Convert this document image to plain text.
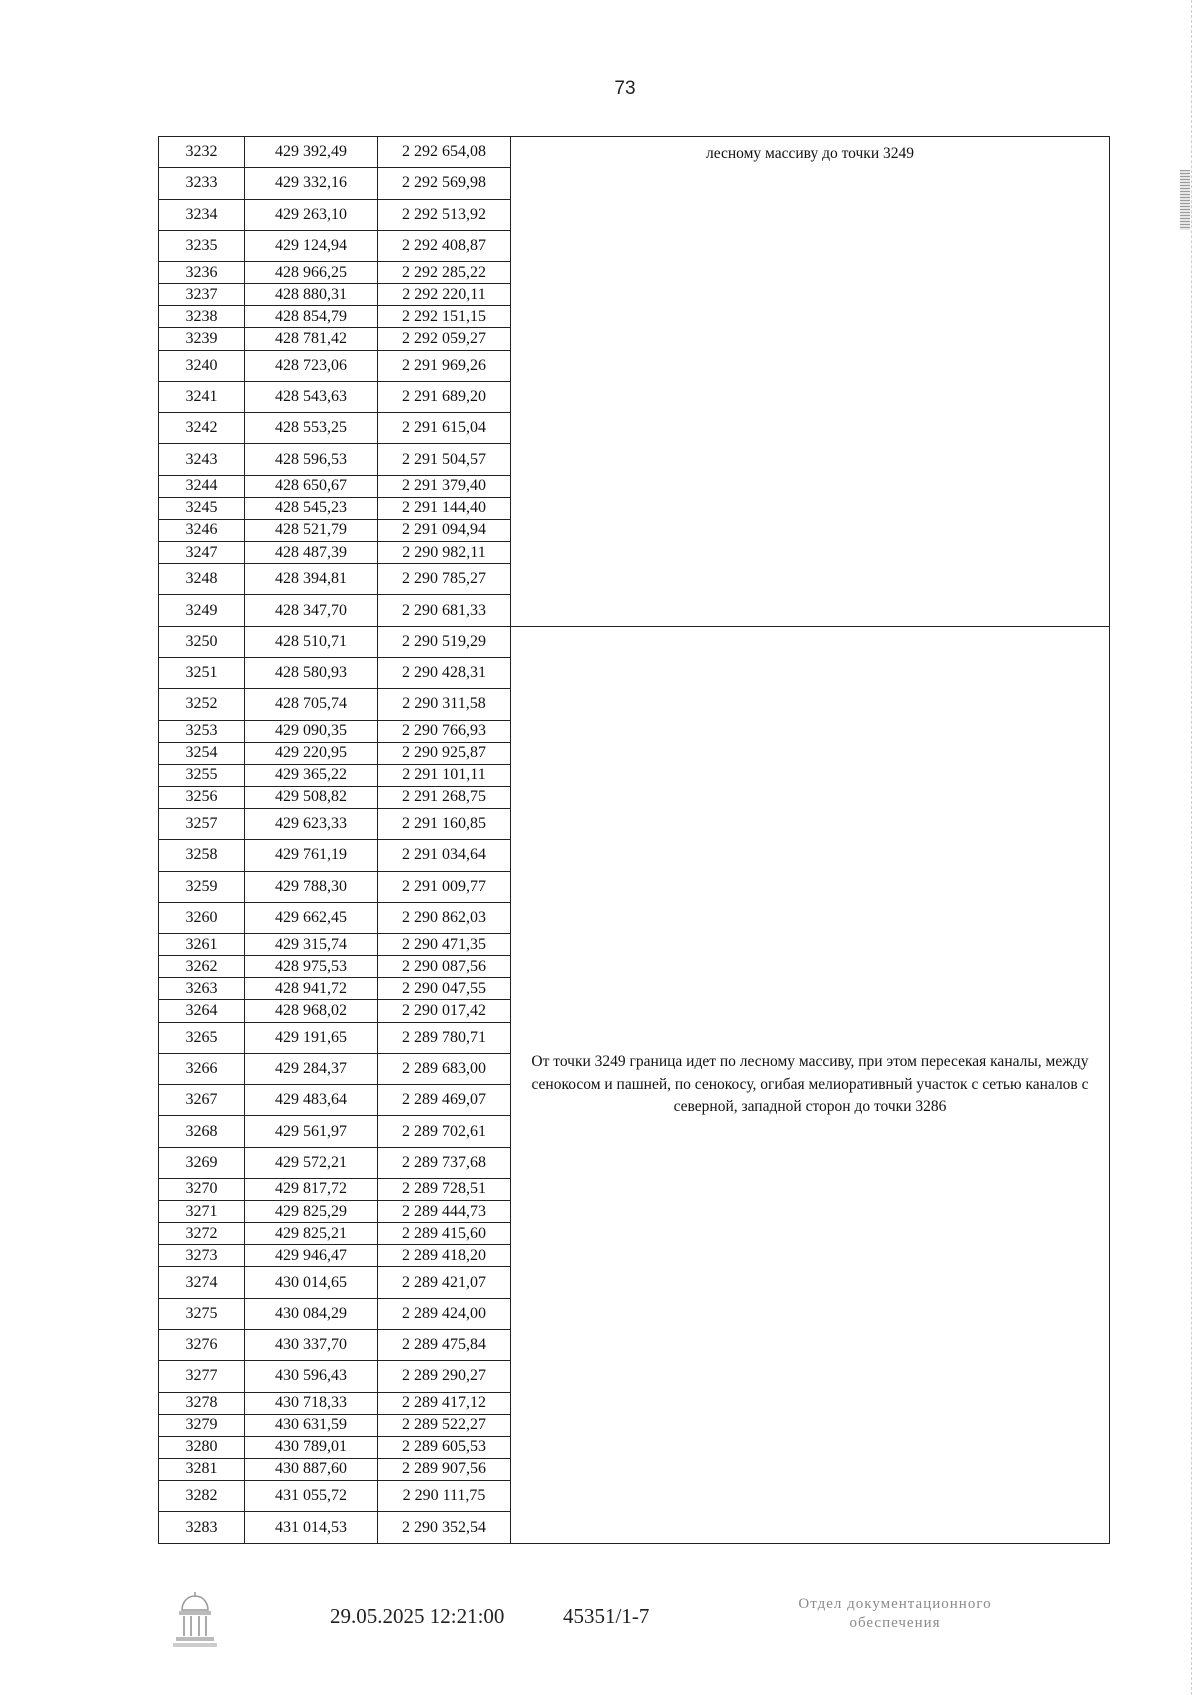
73
3232	429 392,49	2 292 654,08	лесному массиву до точки 3249
3233	429 332,16	2 292 569,98	
3234	429 263,10	2 292 513,92	
3235	429 124,94	2 292 408,87	
3236	428 966,25	2 292 285,22	
3237	428 880,31	2 292 220,11	
3238	428 854,79	2 292 151,15	
3239	428 781,42	2 292 059,27	
3240	428 723,06	2 291 969,26	
3241	428 543,63	2 291 689,20	
3242	428 553,25	2 291 615,04	
3243	428 596,53	2 291 504,57	
3244	428 650,67	2 291 379,40	
3245	428 545,23	2 291 144,40	
3246	428 521,79	2 291 094,94	
3247	428 487,39	2 290 982,11	
3248	428 394,81	2 290 785,27	
3249	428 347,70	2 290 681,33	
3250	428 510,71	2 290 519,29	От точки 3249 граница идет по лесному массиву, при этом пересекая каналы, между сенокосом и пашней, по сенокосу, огибая мелиоративный участок с сетью каналов с северной, западной сторон до точки 3286
3251	428 580,93	2 290 428,31	
3252	428 705,74	2 290 311,58	
3253	429 090,35	2 290 766,93	
3254	429 220,95	2 290 925,87	
3255	429 365,22	2 291 101,11	
3256	429 508,82	2 291 268,75	
3257	429 623,33	2 291 160,85	
3258	429 761,19	2 291 034,64	
3259	429 788,30	2 291 009,77	
3260	429 662,45	2 290 862,03	
3261	429 315,74	2 290 471,35	
3262	428 975,53	2 290 087,56	
3263	428 941,72	2 290 047,55	
3264	428 968,02	2 290 017,42	
3265	429 191,65	2 289 780,71	
3266	429 284,37	2 289 683,00	
3267	429 483,64	2 289 469,07	
3268	429 561,97	2 289 702,61	
3269	429 572,21	2 289 737,68	
3270	429 817,72	2 289 728,51	
3271	429 825,29	2 289 444,73	
3272	429 825,21	2 289 415,60	
3273	429 946,47	2 289 418,20	
3274	430 014,65	2 289 421,07	
3275	430 084,29	2 289 424,00	
3276	430 337,70	2 289 475,84	
3277	430 596,43	2 289 290,27	
3278	430 718,33	2 289 417,12	
3279	430 631,59	2 289 522,27	
3280	430 789,01	2 289 605,53	
3281	430 887,60	2 289 907,56	
3282	431 055,72	2 290 111,75	
3283	431 014,53	2 290 352,54	
29.05.2025 12:21:00	45351/1-7	Отдел документационного
обеспечения
